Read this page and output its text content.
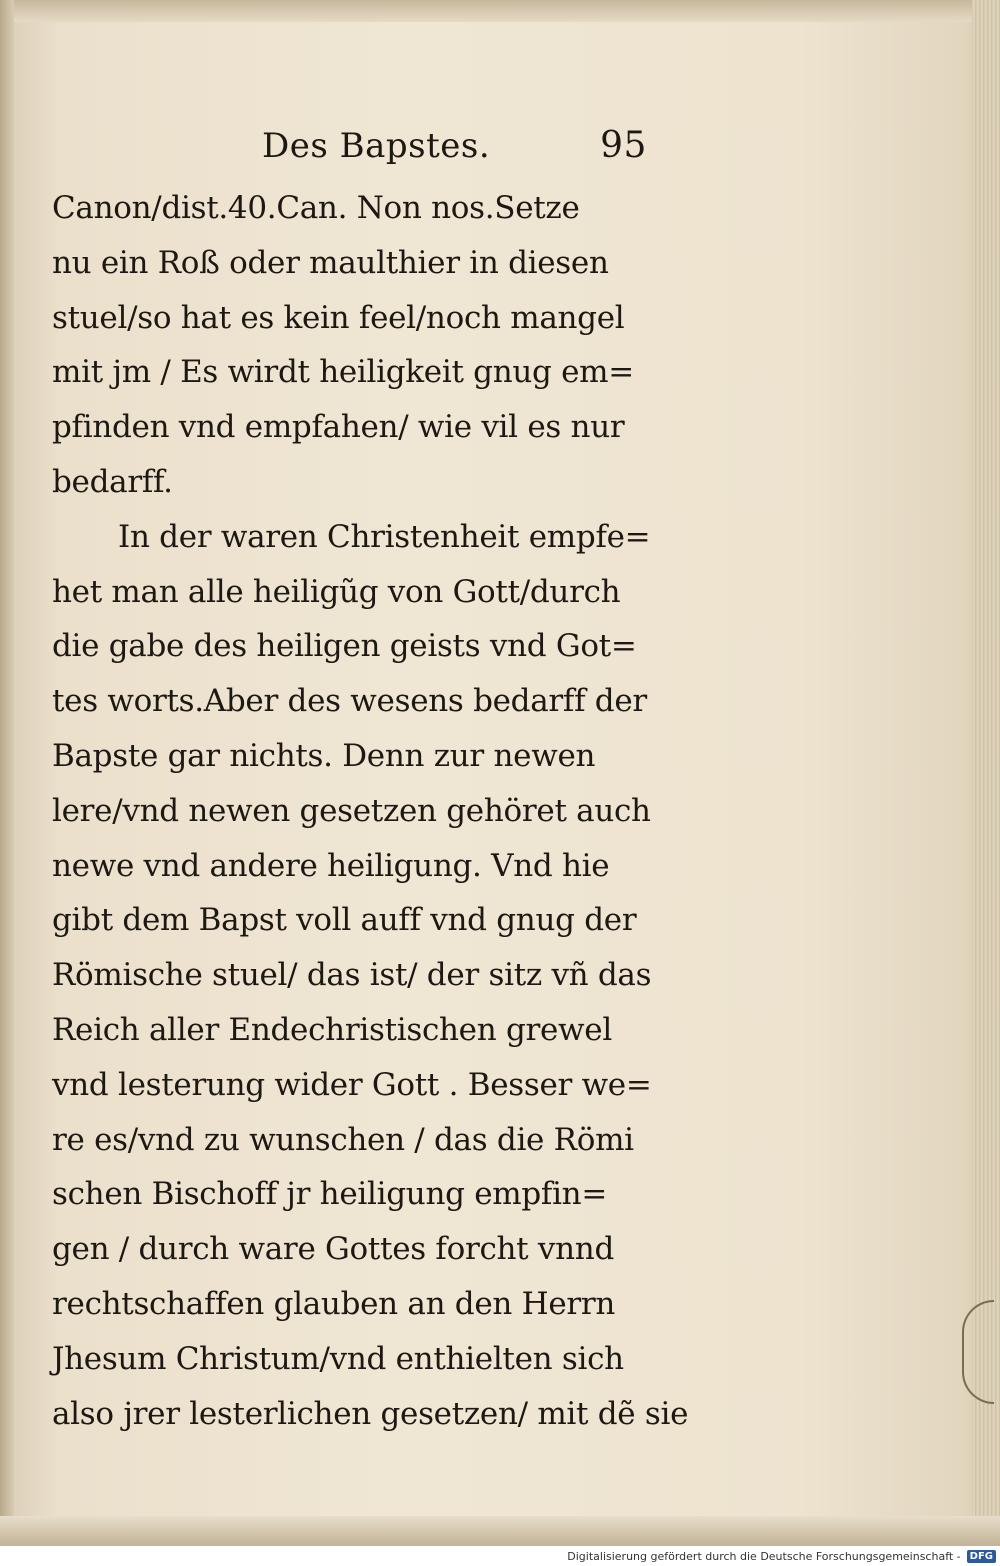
Des Bapstes.	95
Canon/dist.40.Can. Non nos.Setze
nu ein Roß oder maulthier in diesen
stuel/so hat es kein feel/noch mangel
mit jm / Es wirdt heiligkeit gnug em=
pfinden vnd empfahen/ wie vil es nur
bedarff.
In der waren Christenheit empfe=
het man alle heiligũg von Gott/durch
die gabe des heiligen geists vnd Got=
tes worts.Aber des wesens bedarff der
Bapste gar nichts. Denn zur newen
lere/vnd newen gesetzen gehöret auch
newe vnd andere heiligung. Vnd hie
gibt dem Bapst voll auff vnd gnug der
Römische stuel/ das ist/ der sitz vñ das
Reich aller Endechristischen grewel
vnd lesterung wider Gott . Besser we=
re es/vnd zu wunschen / das die Römi
schen Bischoff jr heiligung empfin=
gen / durch ware Gottes forcht vnnd
rechtschaffen glauben an den Herrn
Jhesum Christum/vnd enthielten sich
also jrer lesterlichen gesetzen/ mit dẽ sie
Digitalisierung gefördert durch die Deutsche Forschungsgemeinschaft - DFG
